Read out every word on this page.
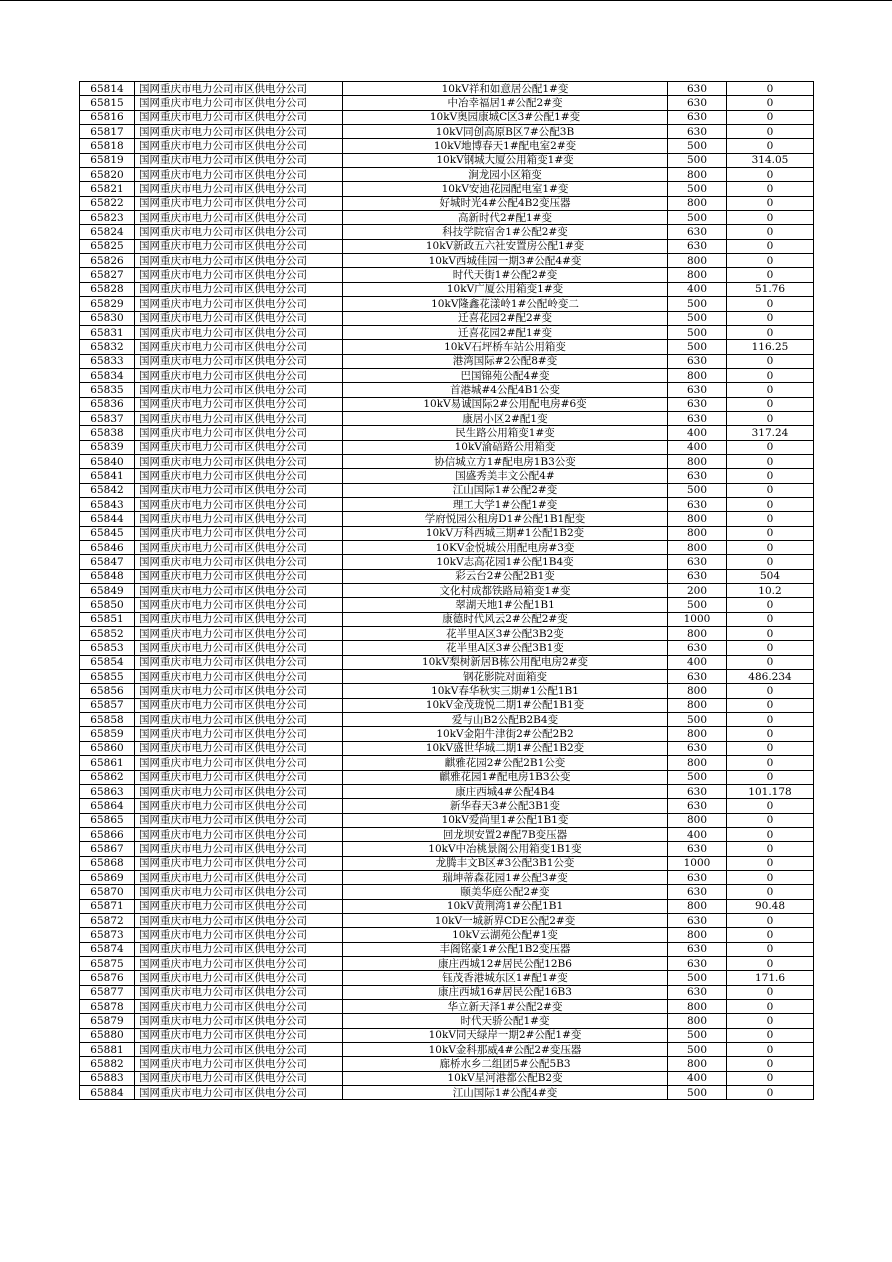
65814	国网重庆市电力公司市区供电分公司	10kV祥和如意居公配1#变	630	0
65815	国网重庆市电力公司市区供电分公司	中冶幸福居1#公配2#变	630	0
65816	国网重庆市电力公司市区供电分公司	10kV奥园康城C区3#公配1#变	630	0
65817	国网重庆市电力公司市区供电分公司	10kV同创高原B区7#公配3B	630	0
65818	国网重庆市电力公司市区供电分公司	10kV地博春天1#配电室2#变	500	0
65819	国网重庆市电力公司市区供电分公司	10kV钢城大厦公用箱变1#变	500	314.05
65820	国网重庆市电力公司市区供电分公司	涧龙园小区箱变	800	0
65821	国网重庆市电力公司市区供电分公司	10kV安迪花园配电室1#变	500	0
65822	国网重庆市电力公司市区供电分公司	好城时光4#公配4B2变压器	800	0
65823	国网重庆市电力公司市区供电分公司	高新时代2#配1#变	500	0
65824	国网重庆市电力公司市区供电分公司	科技学院宿舍1#公配2#变	630	0
65825	国网重庆市电力公司市区供电分公司	10kV新政五六社安置房公配1#变	630	0
65826	国网重庆市电力公司市区供电分公司	10kV西城佳园一期3#公配4#变	800	0
65827	国网重庆市电力公司市区供电分公司	时代天街1#公配2#变	800	0
65828	国网重庆市电力公司市区供电分公司	10kV广厦公用箱变1#变	400	51.76
65829	国网重庆市电力公司市区供电分公司	10kV隆鑫花漾岭1#公配岭变二	500	0
65830	国网重庆市电力公司市区供电分公司	迁喜花园2#配2#变	500	0
65831	国网重庆市电力公司市区供电分公司	迁喜花园2#配1#变	500	0
65832	国网重庆市电力公司市区供电分公司	10kV石坪桥车站公用箱变	500	116.25
65833	国网重庆市电力公司市区供电分公司	港湾国际#2公配8#变	630	0
65834	国网重庆市电力公司市区供电分公司	巴国锦苑公配4#变	800	0
65835	国网重庆市电力公司市区供电分公司	首港城#4公配4B1公变	630	0
65836	国网重庆市电力公司市区供电分公司	10kV易诚国际2#公用配电房#6变	630	0
65837	国网重庆市电力公司市区供电分公司	康居小区2#配1变	630	0
65838	国网重庆市电力公司市区供电分公司	民生路公用箱变1#变	400	317.24
65839	国网重庆市电力公司市区供电分公司	10kV渝碚路公用箱变	400	0
65840	国网重庆市电力公司市区供电分公司	协信城立方1#配电房1B3公变	800	0
65841	国网重庆市电力公司市区供电分公司	国盛秀美丰文公配4#	630	0
65842	国网重庆市电力公司市区供电分公司	江山国际1#公配2#变	500	0
65843	国网重庆市电力公司市区供电分公司	理工大学1#公配1#变	630	0
65844	国网重庆市电力公司市区供电分公司	学府悦园公租房D1#公配1B1配变	800	0
65845	国网重庆市电力公司市区供电分公司	10kV万科西城三期#1公配1B2变	800	0
65846	国网重庆市电力公司市区供电分公司	10KV金悦城公用配电房#3变	800	0
65847	国网重庆市电力公司市区供电分公司	10kV志高花园1#公配1B4变	630	0
65848	国网重庆市电力公司市区供电分公司	彩云台2#公配2B1变	630	504
65849	国网重庆市电力公司市区供电分公司	文化村成都铁路局箱变1#变	200	10.2
65850	国网重庆市电力公司市区供电分公司	翠湖天地1#公配1B1	500	0
65851	国网重庆市电力公司市区供电分公司	康德时代风云2#公配2#变	1000	0
65852	国网重庆市电力公司市区供电分公司	花半里A区3#公配3B2变	800	0
65853	国网重庆市电力公司市区供电分公司	花半里A区3#公配3B1变	630	0
65854	国网重庆市电力公司市区供电分公司	10kV梨树新居B栋公用配电房2#变	400	0
65855	国网重庆市电力公司市区供电分公司	钢花影院对面箱变	630	486.234
65856	国网重庆市电力公司市区供电分公司	10kV春华秋实三期#1公配1B1	800	0
65857	国网重庆市电力公司市区供电分公司	10kV金茂珑悦二期1#公配1B1变	800	0
65858	国网重庆市电力公司市区供电分公司	爱与山B2公配B2B4变	500	0
65859	国网重庆市电力公司市区供电分公司	10kV金阳牛津街2#公配2B2	800	0
65860	国网重庆市电力公司市区供电分公司	10kV盛世华城二期1#公配1B2变	630	0
65861	国网重庆市电力公司市区供电分公司	麒雅花园2#公配2B1公变	800	0
65862	国网重庆市电力公司市区供电分公司	麒雅花园1#配电房1B3公变	500	0
65863	国网重庆市电力公司市区供电分公司	康庄西城4#公配4B4	630	101.178
65864	国网重庆市电力公司市区供电分公司	新华春天3#公配3B1变	630	0
65865	国网重庆市电力公司市区供电分公司	10kV爱尚里1#公配1B1变	800	0
65866	国网重庆市电力公司市区供电分公司	回龙坝安置2#配7B变压器	400	0
65867	国网重庆市电力公司市区供电分公司	10kV中冶桃景阁公用箱变1B1变	630	0
65868	国网重庆市电力公司市区供电分公司	龙腾丰文B区#3公配3B1公变	1000	0
65869	国网重庆市电力公司市区供电分公司	瑞坤蒂森花园1#公配3#变	630	0
65870	国网重庆市电力公司市区供电分公司	颐美华庭公配2#变	630	0
65871	国网重庆市电力公司市区供电分公司	10kV黄荆湾1#公配1B1	800	90.48
65872	国网重庆市电力公司市区供电分公司	10kV一城新界CDE公配2#变	630	0
65873	国网重庆市电力公司市区供电分公司	10kV云湖苑公配#1变	800	0
65874	国网重庆市电力公司市区供电分公司	丰阁铭豪1#公配1B2变压器	630	0
65875	国网重庆市电力公司市区供电分公司	康庄西城12#居民公配12B6	630	0
65876	国网重庆市电力公司市区供电分公司	钰茂香港城东区1#配1#变	500	171.6
65877	国网重庆市电力公司市区供电分公司	康庄西城16#居民公配16B3	630	0
65878	国网重庆市电力公司市区供电分公司	华立新天泽1#公配2#变	800	0
65879	国网重庆市电力公司市区供电分公司	时代天骄公配1#变	800	0
65880	国网重庆市电力公司市区供电分公司	10kV同天绿岸一期2#公配1#变	500	0
65881	国网重庆市电力公司市区供电分公司	10kV金科那威4#公配2#变压器	500	0
65882	国网重庆市电力公司市区供电分公司	廊桥水乡二组团5#公配5B3	800	0
65883	国网重庆市电力公司市区供电分公司	10kV星河港都公配B2变	400	0
65884	国网重庆市电力公司市区供电分公司	江山国际1#公配4#变	500	0
